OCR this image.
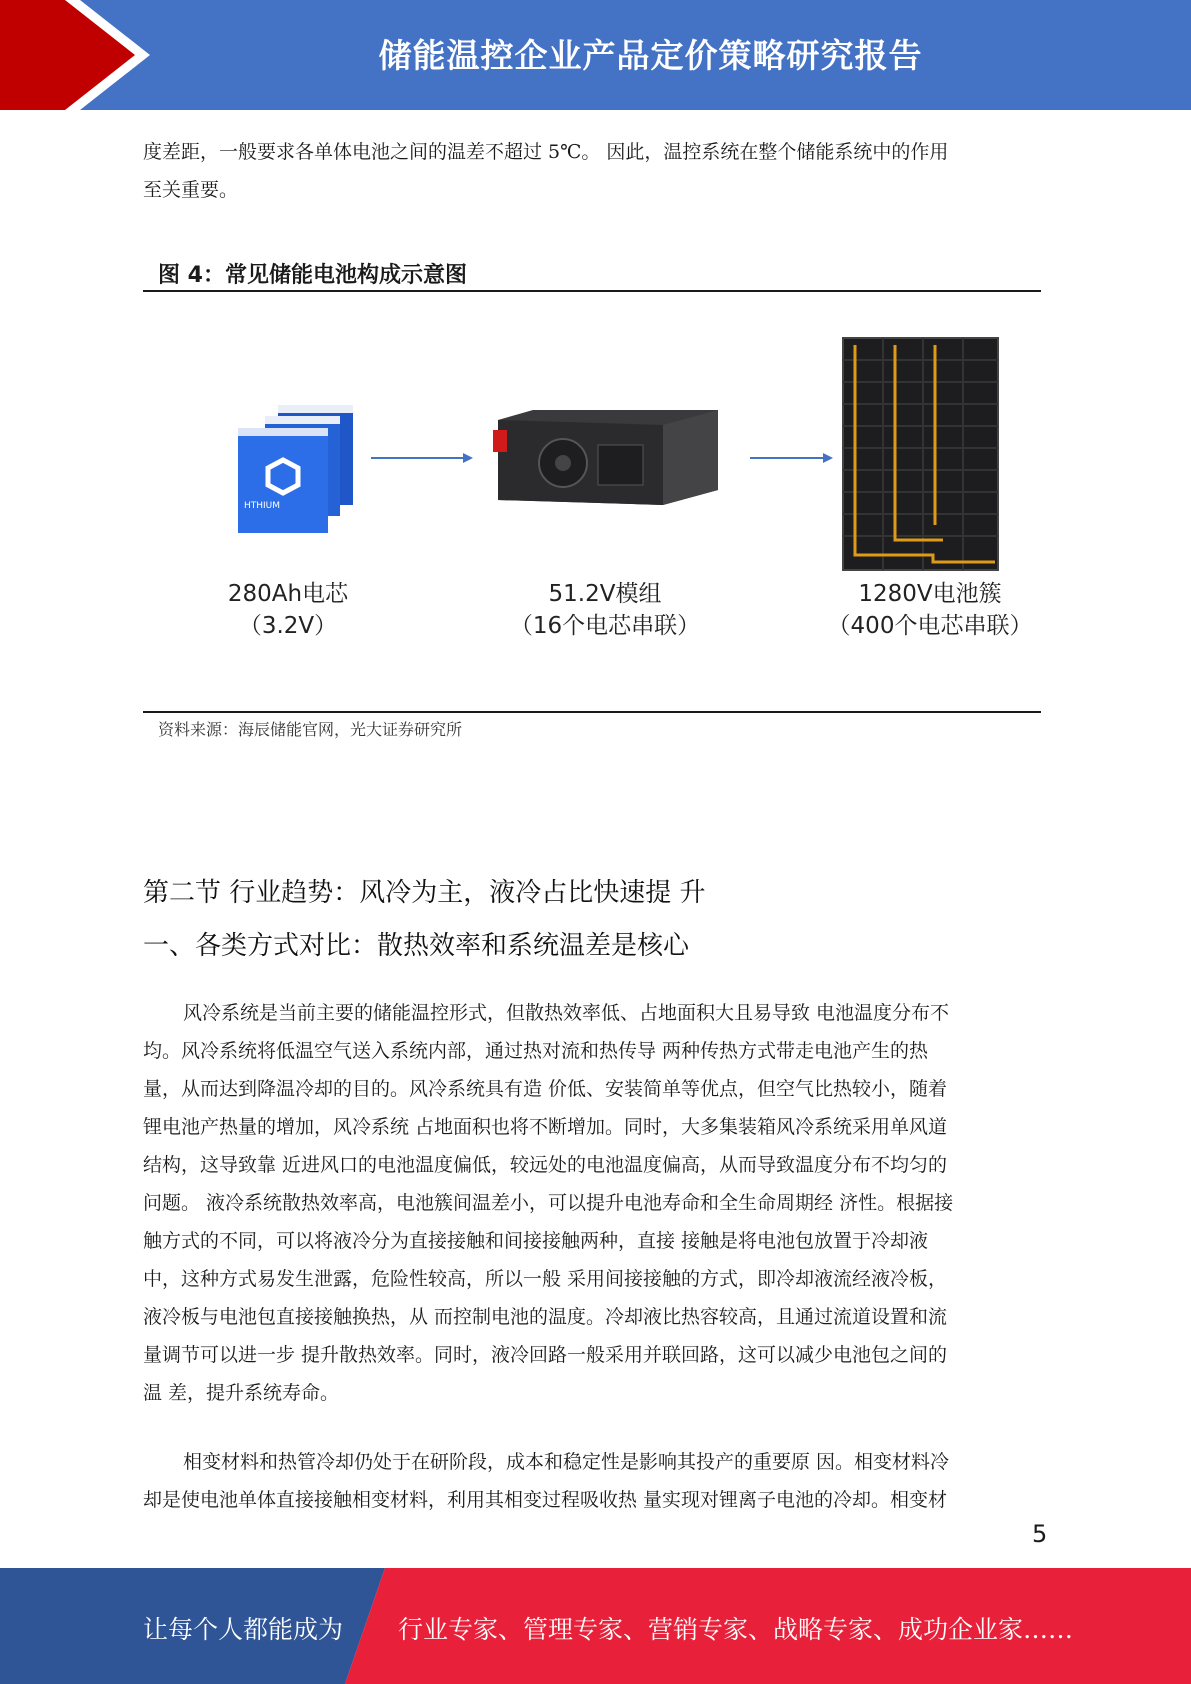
储能温控企业产品定价策略研究报告

度差距，一般要求各单体电池之间的温差不超过 5℃。 因此，温控系统在整个储能系统中的作用

至关重要。

图 4：常见储能电池构成示意图
HTHIUM
280Ah电芯
（3.2V）
51.2V模组
（16个电芯串联）
1280V电池簇
（400个电芯串联）
资料来源：海辰储能官网，光大证券研究所
第二节 行业趋势：风冷为主，液冷占比快速提 升
一、各类方式对比：散热效率和系统温差是核心

风冷系统是当前主要的储能温控形式，但散热效率低、占地面积大且易导致 电池温度分布不

均。风冷系统将低温空气送入系统内部，通过热对流和热传导 两种传热方式带走电池产生的热

量，从而达到降温冷却的目的。风冷系统具有造 价低、安装简单等优点，但空气比热较小，随着

锂电池产热量的增加，风冷系统 占地面积也将不断增加。同时，大多集装箱风冷系统采用单风道

结构，这导致靠 近进风口的电池温度偏低，较远处的电池温度偏高，从而导致温度分布不均匀的

问题。 液冷系统散热效率高，电池簇间温差小，可以提升电池寿命和全生命周期经 济性。根据接

触方式的不同，可以将液冷分为直接接触和间接接触两种，直接 接触是将电池包放置于冷却液

中，这种方式易发生泄露，危险性较高，所以一般 采用间接接触的方式，即冷却液流经液冷板，

液冷板与电池包直接接触换热，从 而控制电池的温度。冷却液比热容较高，且通过流道设置和流

量调节可以进一步 提升散热效率。同时，液冷回路一般采用并联回路，这可以减少电池包之间的

温 差，提升系统寿命。

相变材料和热管冷却仍处于在研阶段，成本和稳定性是影响其投产的重要原 因。相变材料冷

却是使电池单体直接接触相变材料，利用其相变过程吸收热 量实现对锂离子电池的冷却。相变材

5
让每个人都能成为 行业专家、管理专家、营销专家、战略专家、成功企业家……
